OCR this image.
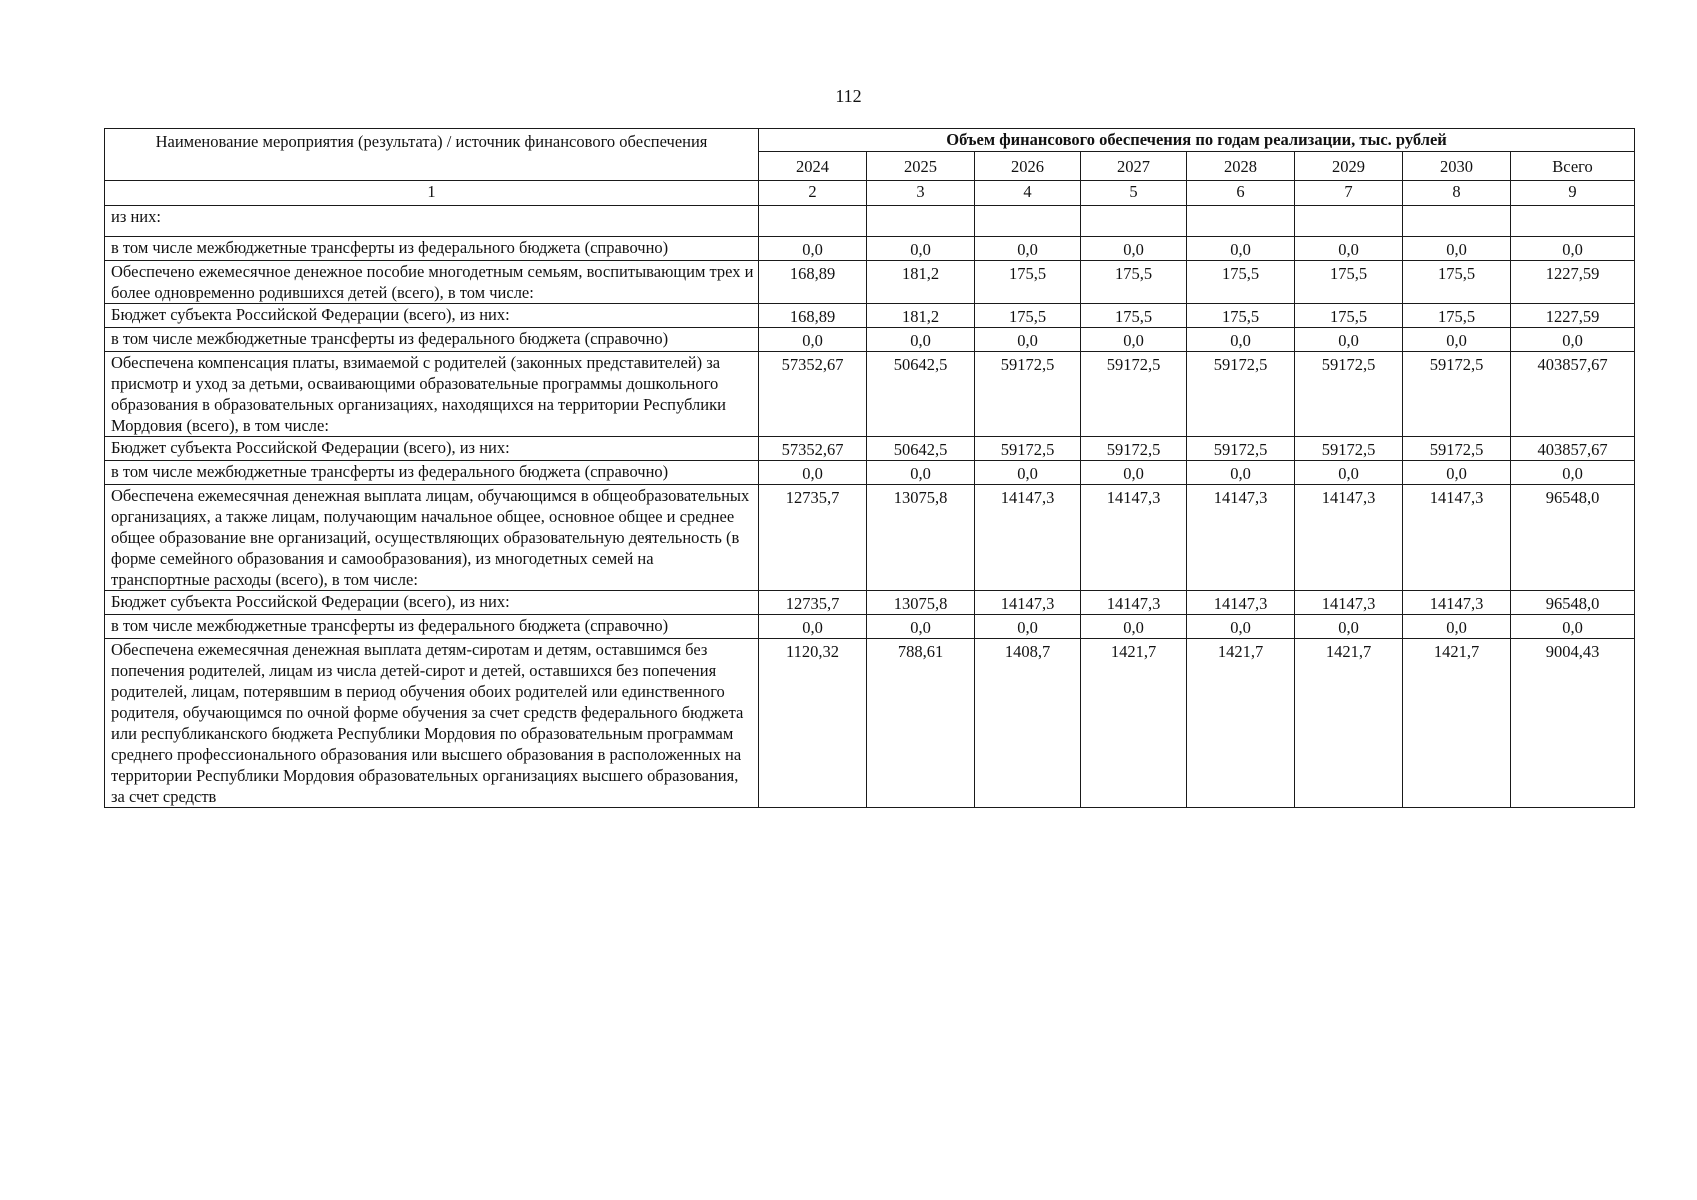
112
Наименование мероприятия (результата) / источник финансового обеспечения	Объем финансового обеспечения по годам реализации, тыс. рублей							
	2024	2025	2026	2027	2028	2029	2030	Всего
1	2	3	4	5	6	7	8	9
из них:								
в том числе межбюджетные трансферты из федерального бюджета (справочно)	0,0	0,0	0,0	0,0	0,0	0,0	0,0	0,0
Обеспечено ежемесячное денежное пособие многодетным семьям, воспитывающим трех и более одновременно родившихся детей (всего), в том числе:	168,89	181,2	175,5	175,5	175,5	175,5	175,5	1227,59
Бюджет субъекта Российской Федерации (всего), из них:	168,89	181,2	175,5	175,5	175,5	175,5	175,5	1227,59
в том числе межбюджетные трансферты из федерального бюджета (справочно)	0,0	0,0	0,0	0,0	0,0	0,0	0,0	0,0
Обеспечена компенсация платы, взимаемой с родителей (законных представителей) за присмотр и уход за детьми, осваивающими образовательные программы дошкольного образования в образовательных организациях, находящихся на территории Республики Мордовия (всего), в том числе:	57352,67	50642,5	59172,5	59172,5	59172,5	59172,5	59172,5	403857,67
Бюджет субъекта Российской Федерации (всего), из них:	57352,67	50642,5	59172,5	59172,5	59172,5	59172,5	59172,5	403857,67
в том числе межбюджетные трансферты из федерального бюджета (справочно)	0,0	0,0	0,0	0,0	0,0	0,0	0,0	0,0
Обеспечена ежемесячная денежная выплата лицам, обучающимся в общеобразовательных организациях, а также лицам, получающим начальное общее, основное общее и среднее общее образование вне организаций, осуществляющих образовательную деятельность (в форме семейного образования и самообразования), из многодетных семей на транспортные расходы (всего), в том числе:	12735,7	13075,8	14147,3	14147,3	14147,3	14147,3	14147,3	96548,0
Бюджет субъекта Российской Федерации (всего), из них:	12735,7	13075,8	14147,3	14147,3	14147,3	14147,3	14147,3	96548,0
в том числе межбюджетные трансферты из федерального бюджета (справочно)	0,0	0,0	0,0	0,0	0,0	0,0	0,0	0,0
Обеспечена ежемесячная денежная выплата детям-сиротам и детям, оставшимся без попечения родителей, лицам из числа детей-сирот и детей, оставшихся без попечения родителей, лицам, потерявшим в период обучения обоих родителей или единственного родителя, обучающимся по очной форме обучения за счет средств федерального бюджета или республиканского бюджета Республики Мордовия по образовательным программам среднего профессионального образования или высшего образования в расположенных на территории Республики Мордовия образовательных организациях высшего образования, за счет средств	1120,32	788,61	1408,7	1421,7	1421,7	1421,7	1421,7	9004,43
